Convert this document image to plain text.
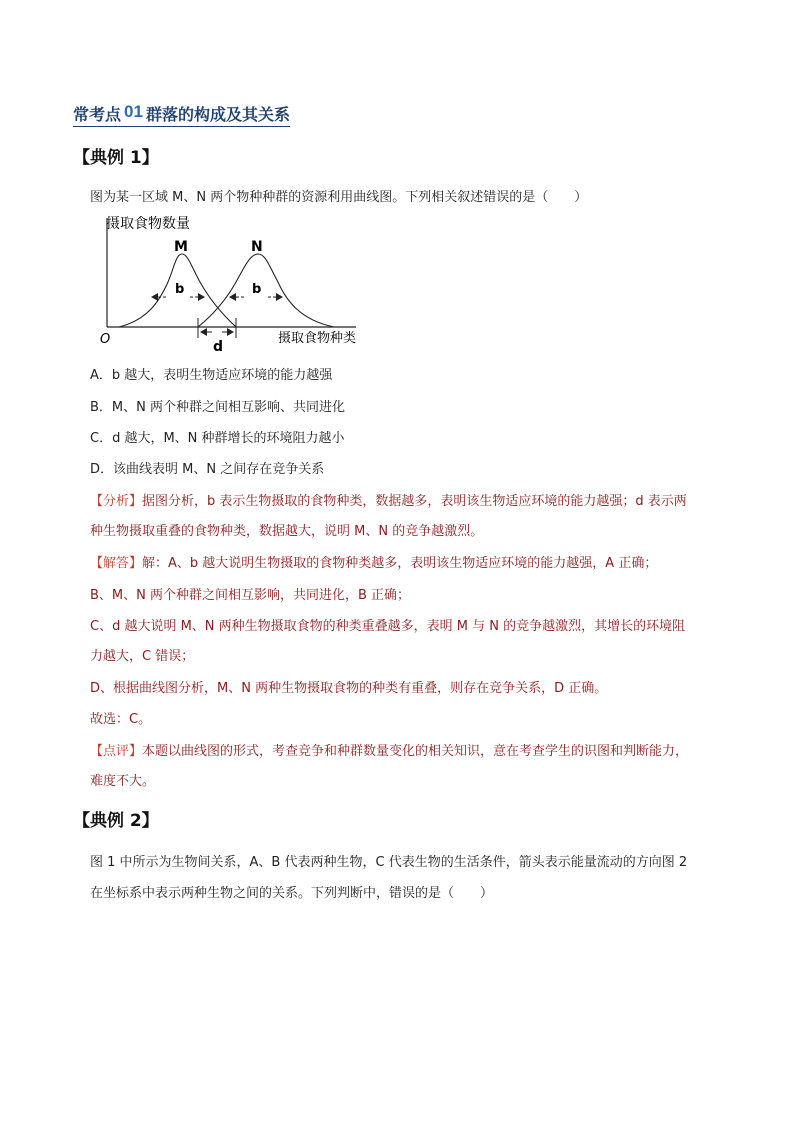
常考点 01 群落的构成及其关系
【典例 1】
图为某一区域 M、N 两个物种种群的资源利用曲线图。下列相关叙述错误的是（　　）
O
摄取食物数量
摄取食物种类
M	N
b	b
d
A．b 越大，表明生物适应环境的能力越强
B．M、N 两个种群之间相互影响、共同进化
C．d 越大，M、N 种群增长的环境阻力越小
D．该曲线表明 M、N 之间存在竞争关系
【分析】据图分析，b 表示生物摄取的食物种类，数据越多，表明该生物适应环境的能力越强；d 表示两
种生物摄取重叠的食物种类，数据越大，说明 M、N 的竞争越激烈。
【解答】解：A、b 越大说明生物摄取的食物种类越多，表明该生物适应环境的能力越强，A 正确；
B、M、N 两个种群之间相互影响，共同进化，B 正确；
C、d 越大说明 M、N 两种生物摄取食物的种类重叠越多，表明 M 与 N 的竞争越激烈，其增长的环境阻
力越大，C 错误；
D、根据曲线图分析，M、N 两种生物摄取食物的种类有重叠，则存在竞争关系，D 正确。
故选：C。
【点评】本题以曲线图的形式，考查竞争和种群数量变化的相关知识，意在考查学生的识图和判断能力，
难度不大。
【典例 2】
图 1 中所示为生物间关系，A、B 代表两种生物，C 代表生物的生活条件，箭头表示能量流动的方向图 2
在坐标系中表示两种生物之间的关系。下列判断中，错误的是（　　）
